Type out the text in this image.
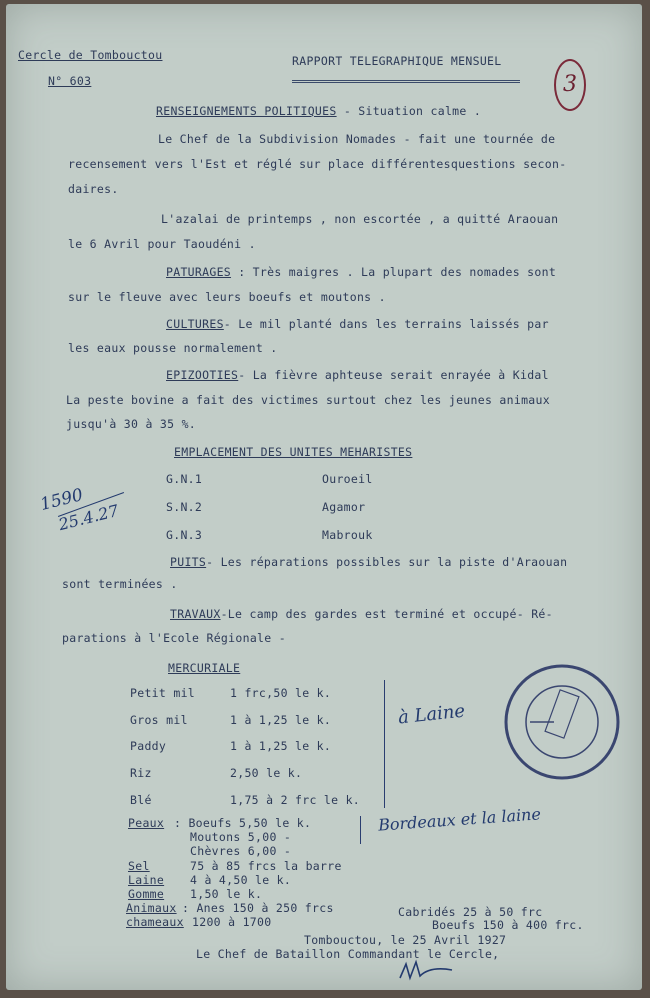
Cercle de Tombouctou
N° 603
RAPPORT TELEGRAPHIQUE MENSUEL
3
RENSEIGNEMENTS POLITIQUES - Situation calme .
Le Chef de la Subdivision Nomades - fait une tournée de
recensement vers l'Est et réglé sur place différentesquestions secon-
daires.
L'azalai de printemps , non escortée , a quitté Araouan
le 6 Avril pour Taoudéni .
PATURAGES : Très maigres . La plupart des nomades sont
sur le fleuve avec leurs boeufs et moutons .
CULTURES- Le mil planté dans les terrains laissés par
les eaux pousse normalement .
EPIZOOTIES- La fièvre aphteuse serait enrayée à Kidal
La peste bovine a fait des victimes surtout chez les jeunes animaux
jusqu'à 30 à 35 %.
EMPLACEMENT DES UNITES MEHARISTES
G.N.1	Ouroeil
S.N.2	Agamor
G.N.3	Mabrouk
1590
25.4.27
PUITS- Les réparations possibles sur la piste d'Araouan
sont terminées .
TRAVAUX-Le camp des gardes est terminé et occupé- Ré-
parations à l'Ecole Régionale -
MERCURIALE
Petit mil	1 frc,50 le k.
Gros mil	1 à 1,25 le k.
Paddy	1 à 1,25 le k.
Riz	2,50 le k.
Blé	1,75 à 2 frc le k.
à Laine
Bordeaux et la laine
Peaux : Boeufs 5,50 le k.
Moutons 5,00 -
Chèvres 6,00 -
Sel	75 à 85 frcs la barre
Laine 4 à 4,50 le k.
Gomme 1,50 le k.
Animaux : Anes 150 à 250 frcs	Cabridés 25 à 50 frc
chameaux 1200 à 1700	Boeufs 150 à 400 frc.
Tombouctou, le 25 Avril 1927
Le Chef de Bataillon Commandant le Cercle,
